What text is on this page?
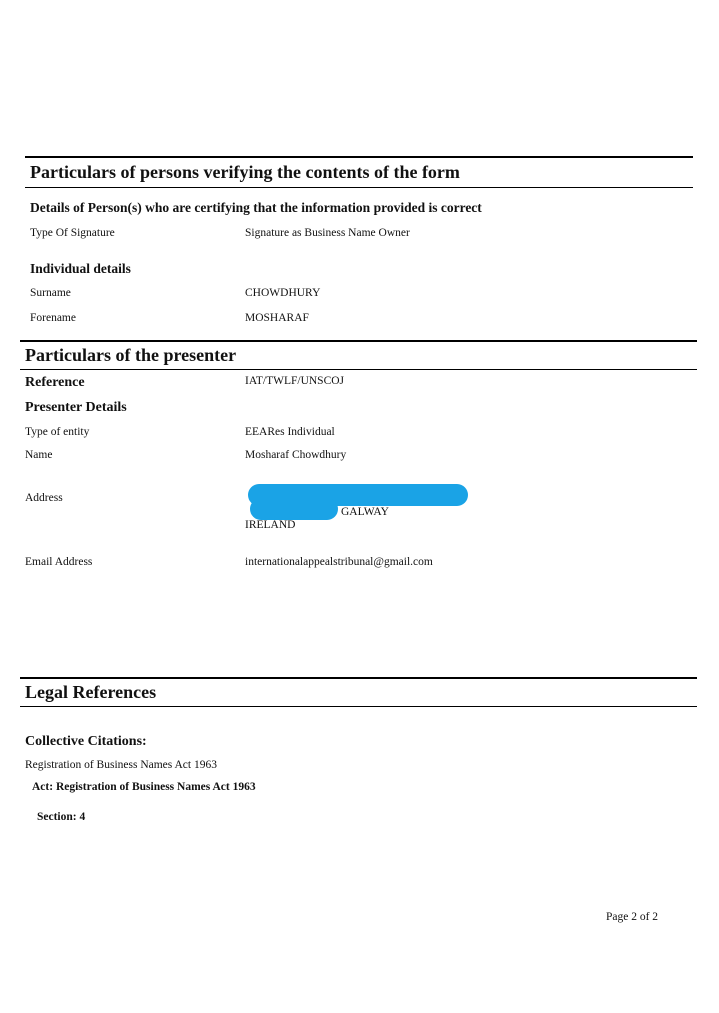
Particulars of persons verifying the contents of the form
Details of Person(s) who are certifying that the information provided is correct
Type Of Signature	Signature as Business Name Owner
Individual details
Surname	CHOWDHURY
Forename	MOSHARAF
Particulars of the presenter
Reference	IAT/TWLF/UNSCOJ
Presenter Details
Type of entity	EEARes Individual
Name	Mosharaf Chowdhury
Address
GALWAY
IRELAND
Email Address	internationalappealstribunal@gmail.com
Legal References
Collective Citations:
Registration of Business Names Act 1963
Act: Registration of Business Names Act 1963
Section: 4
Page 2 of 2
